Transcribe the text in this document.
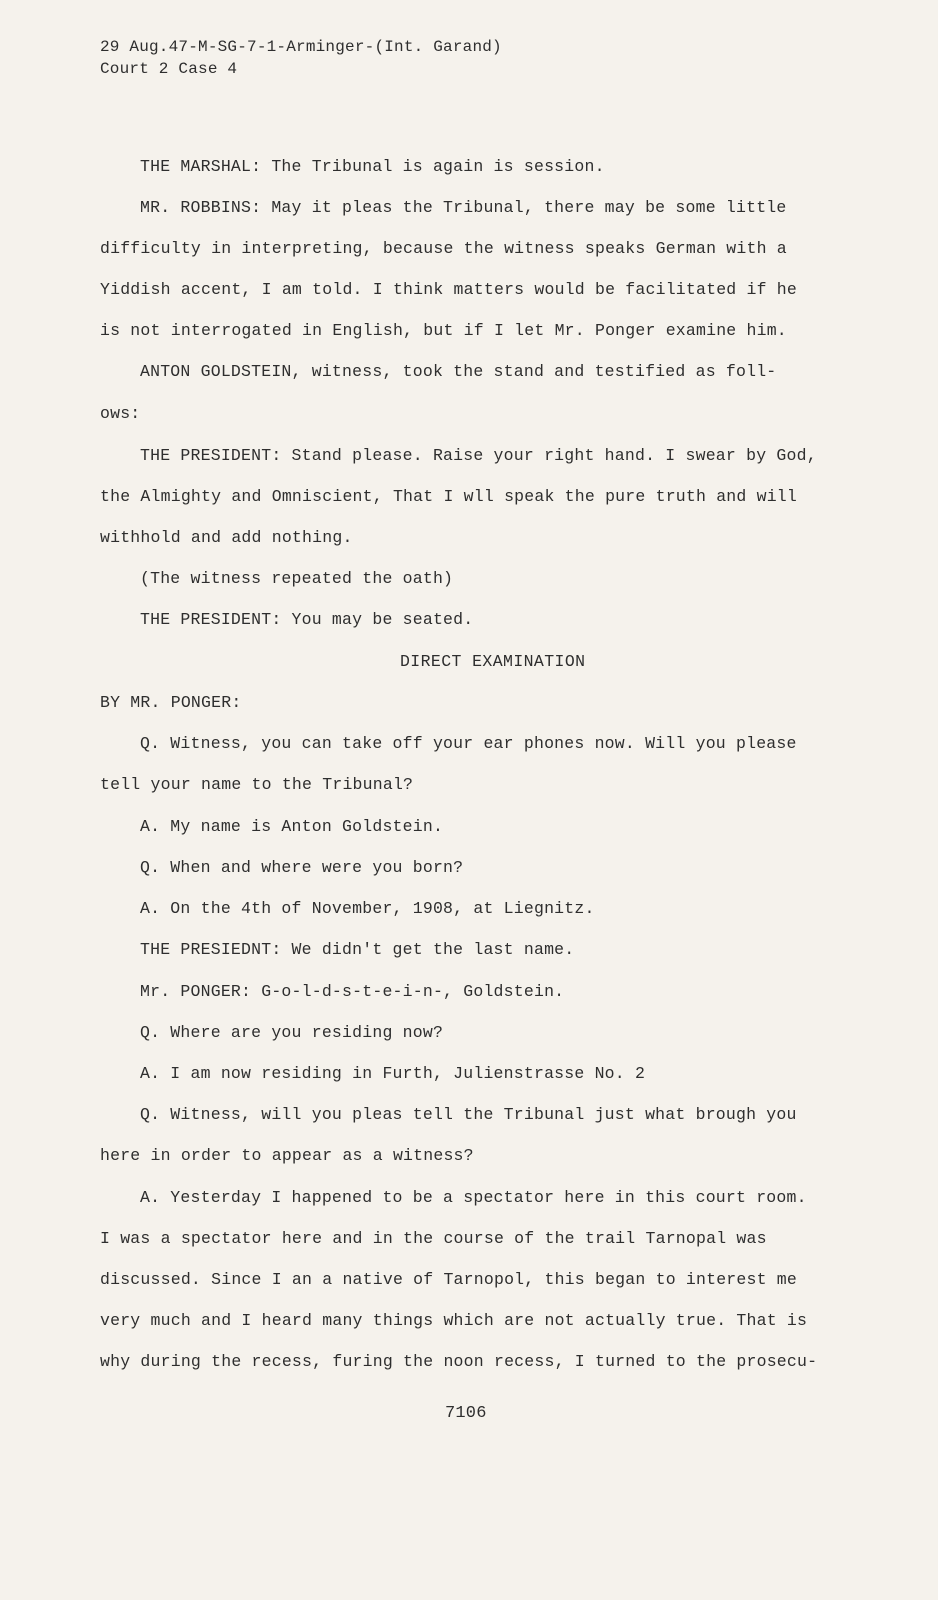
29 Aug.47-M-SG-7-1-Arminger-(Int. Garand)
Court 2 Case 4
THE MARSHAL: The Tribunal is again is session.
MR. ROBBINS: May it pleas the Tribunal, there may be some little
difficulty in interpreting, because the witness speaks German with a
Yiddish accent, I am told. I think matters would be facilitated if he
is not interrogated in English, but if I let Mr. Ponger examine him.
ANTON GOLDSTEIN, witness, took the stand and testified as foll-
ows:
THE PRESIDENT: Stand please. Raise your right hand. I swear by God,
the Almighty and Omniscient, That I wll speak the pure truth and will
withhold and add nothing.
(The witness repeated the oath)
THE PRESIDENT: You may be seated.
DIRECT EXAMINATION
BY MR. PONGER:
Q. Witness, you can take off your ear phones now. Will you please
tell your name to the Tribunal?
A. My name is Anton Goldstein.
Q. When and where were you born?
A. On the 4th of November, 1908, at Liegnitz.
THE PRESIEDNT: We didn't get the last name.
Mr. PONGER: G-o-l-d-s-t-e-i-n-, Goldstein.
Q. Where are you residing now?
A. I am now residing in Furth, Julienstrasse No. 2
Q. Witness, will you pleas tell the Tribunal just what brough you
here in order to appear as a witness?
A. Yesterday I happened to be a spectator here in this court room.
I was a spectator here and in the course of the trail Tarnopal was
discussed. Since I an a native of Tarnopol, this began to interest me
very much and I heard many things which are not actually true. That is
why during the recess, furing the noon recess, I turned to the prosecu-
7106
